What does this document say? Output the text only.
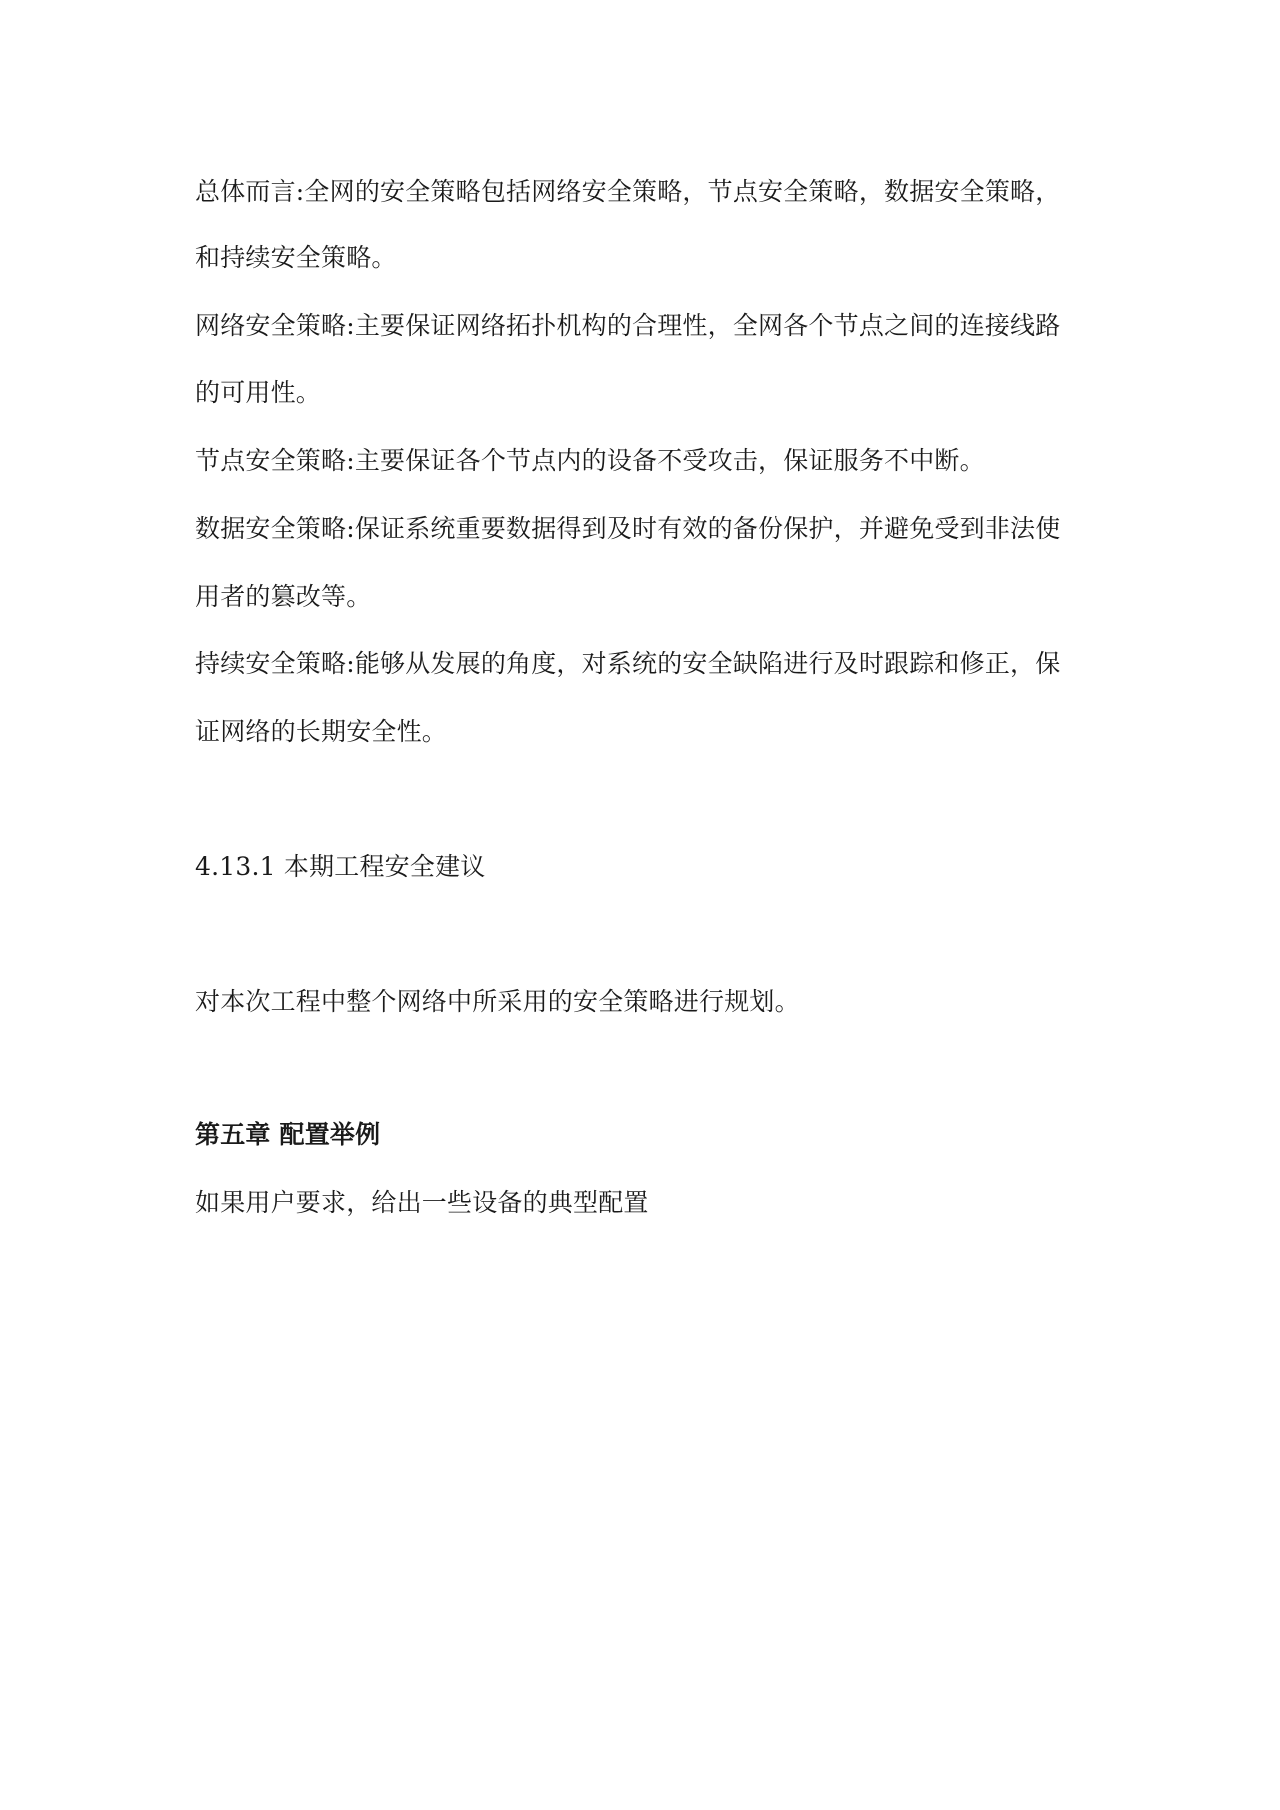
总体而言:全网的安全策略包括网络安全策略，节点安全策略，数据安全策略，
和持续安全策略。
网络安全策略:主要保证网络拓扑机构的合理性，全网各个节点之间的连接线路
的可用性。
节点安全策略:主要保证各个节点内的设备不受攻击，保证服务不中断。
数据安全策略:保证系统重要数据得到及时有效的备份保护，并避免受到非法使
用者的篡改等。
持续安全策略:能够从发展的角度，对系统的安全缺陷进行及时跟踪和修正，保
证网络的长期安全性。
4.13.1 本期工程安全建议
对本次工程中整个网络中所采用的安全策略进行规划。
第五章 配置举例
如果用户要求，给出一些设备的典型配置
